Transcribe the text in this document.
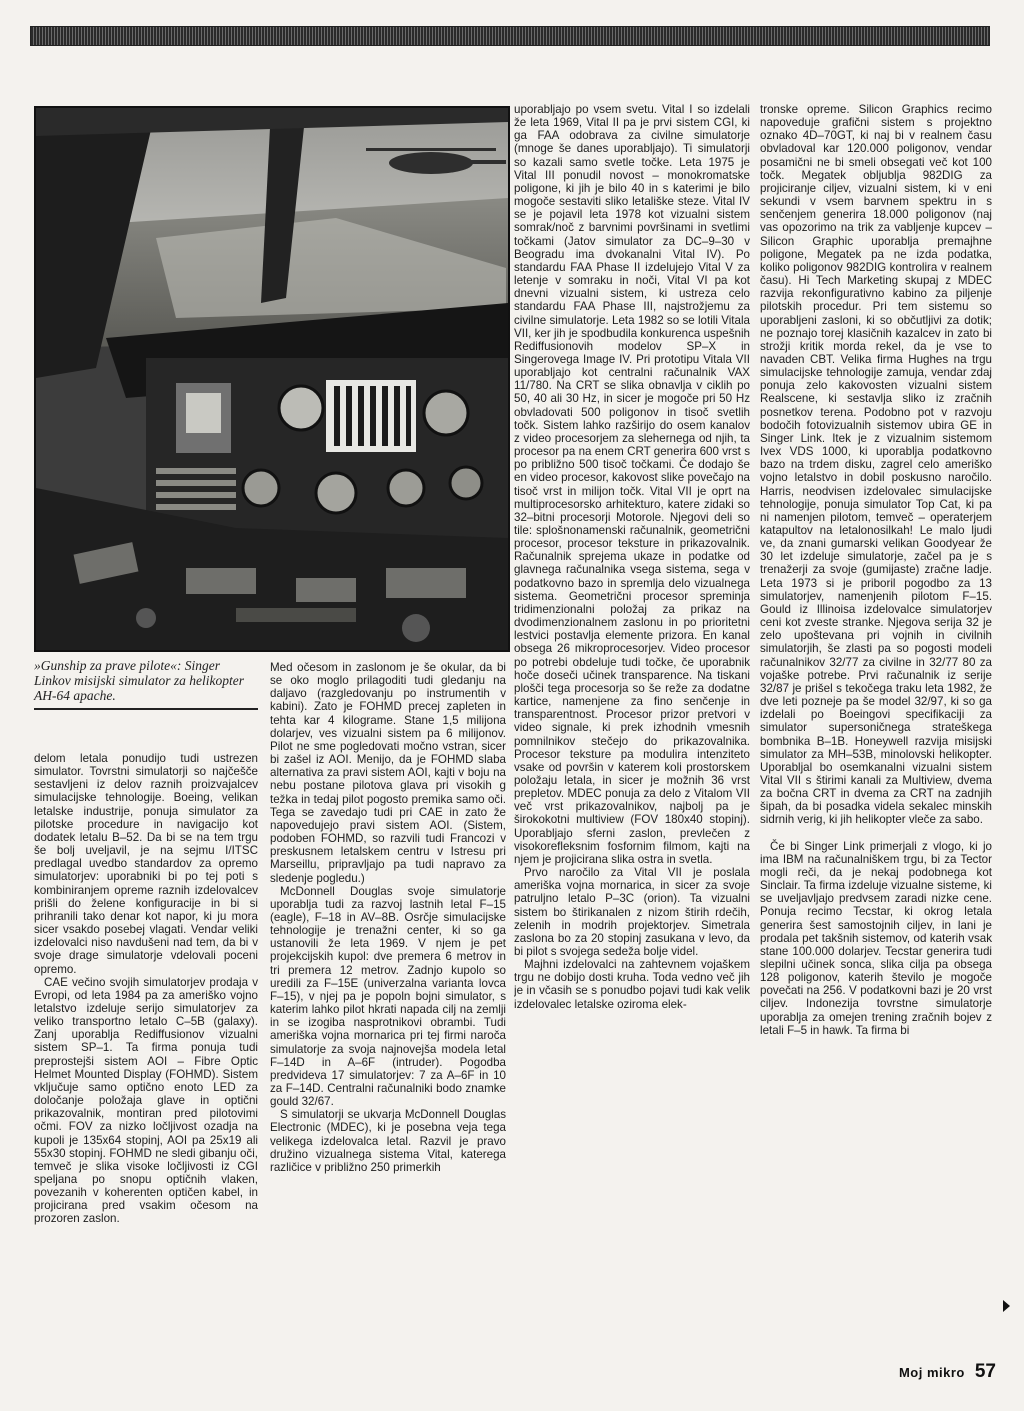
»Gunship za prave pilote«: Singer Linkov misijski simulator za helikopter AH-64 apache.

delom letala ponudijo tudi ustrezen simulator. Tovrstni simulatorji so najčešče sestavljeni iz delov raznih proizvajalcev simulacijske tehnologije. Boeing, velikan letalske industrije, ponuja simulator za pilotske procedure in navigacijo kot dodatek letalu B–52. Da bi se na tem trgu še bolj uveljavil, je na sejmu I/ITSC predlagal uvedbo standardov za opremo simulatorjev: uporabniki bi po tej poti s kombiniranjem opreme raznih izdelovalcev prišli do želene konfiguracije in bi si prihranili tako denar kot napor, ki ju mora sicer vsakdo posebej vlagati. Vendar veliki izdelovalci niso navdušeni nad tem, da bi v svoje drage simulatorje vdelovali poceni opremo.

CAE večino svojih simulatorjev prodaja v Evropi, od leta 1984 pa za ameriško vojno letalstvo izdeluje serijo simulatorjev za veliko transportno letalo C–5B (galaxy). Zanj uporablja Rediffusionov vizualni sistem SP–1. Ta firma ponuja tudi preprostejši sistem AOI – Fibre Optic Helmet Mounted Display (FOHMD). Sistem vključuje samo optično enoto LED za določanje položaja glave in optični prikazovalnik, montiran pred pilotovimi očmi. FOV za nizko ločljivost ozadja na kupoli je 135x64 stopinj, AOI pa 25x19 ali 55x30 stopinj. FOHMD ne sledi gibanju oči, temveč je slika visoke ločljivosti iz CGI speljana po snopu optičnih vlaken, povezanih v koherenten optičen kabel, in projicirana pred vsakim očesom na prozoren zaslon.

Med očesom in zaslonom je še okular, da bi se oko moglo prilagoditi tudi gledanju na daljavo (razgledovanju po instrumentih v kabini). Zato je FOHMD precej zapleten in tehta kar 4 kilograme. Stane 1,5 milijona dolarjev, ves vizualni sistem pa 6 milijonov. Pilot ne sme pogledovati močno vstran, sicer bi zašel iz AOI. Menijo, da je FOHMD slaba alternativa za pravi sistem AOI, kajti v boju na nebu postane pilotova glava pri visokih g težka in tedaj pilot pogosto premika samo oči. Tega se zavedajo tudi pri CAE in zato že napovedujejo pravi sistem AOI. (Sistem, podoben FOHMD, so razvili tudi Francozi v preskusnem letalskem centru v Istresu pri Marseillu, pripravljajo pa tudi napravo za sledenje pogledu.)

McDonnell Douglas svoje simulatorje uporablja tudi za razvoj lastnih letal F–15 (eagle), F–18 in AV–8B. Osrčje simulacijske tehnologije je trenažni center, ki so ga ustanovili že leta 1969. V njem je pet projekcijskih kupol: dve premera 6 metrov in tri premera 12 metrov. Zadnjo kupolo so uredili za F–15E (univerzalna varianta lovca F–15), v njej pa je popoln bojni simulator, s katerim lahko pilot hkrati napada cilj na zemlji in se izogiba nasprotnikovi obrambi. Tudi ameriška vojna mornarica pri tej firmi naroča simulatorje za svoja najnovejša modela letal F–14D in A–6F (intruder). Pogodba predvideva 17 simulatorjev: 7 za A–6F in 10 za F–14D. Centralni računalniki bodo znamke gould 32/67.

S simulatorji se ukvarja McDonnell Douglas Electronic (MDEC), ki je posebna veja tega velikega izdelovalca letal. Razvil je pravo družino vizualnega sistema Vital, katerega različice v približno 250 primerkih

uporabljajo po vsem svetu. Vital I so izdelali že leta 1969, Vital II pa je prvi sistem CGI, ki ga FAA odobrava za civilne simulatorje (mnoge še danes uporabljajo). Ti simulatorji so kazali samo svetle točke. Leta 1975 je Vital III ponudil novost – monokromatske poligone, ki jih je bilo 40 in s katerimi je bilo mogoče sestaviti sliko letališke steze. Vital IV se je pojavil leta 1978 kot vizualni sistem somrak/noč z barvnimi površinami in svetlimi točkami (Jatov simulator za DC–9–30 v Beogradu ima dvokanalni Vital IV). Po standardu FAA Phase II izdelujejo Vital V za letenje v somraku in noči, Vital VI pa kot dnevni vizualni sistem, ki ustreza celo standardu FAA Phase III, najstrožjemu za civilne simulatorje. Leta 1982 so se lotili Vitala VII, ker jih je spodbudila konkurenca uspešnih Rediffusionovih modelov SP–X in Singerovega Image IV. Pri prototipu Vitala VII uporabljajo kot centralni računalnik VAX 11/780. Na CRT se slika obnavlja v ciklih po 50, 40 ali 30 Hz, in sicer je mogoče pri 50 Hz obvladovati 500 poligonov in tisoč svetlih točk. Sistem lahko razširijo do osem kanalov z video procesorjem za slehernega od njih, ta procesor pa na enem CRT generira 600 vrst s po približno 500 tisoč točkami. Če dodajo še en video procesor, kakovost slike povečajo na tisoč vrst in milijon točk. Vital VII je oprt na multiprocesorsko arhitekturo, katere zidaki so 32–bitni procesorji Motorole. Njegovi deli so tile: splošnonamenski računalnik, geometrični procesor, procesor teksture in prikazovalnik. Računalnik sprejema ukaze in podatke od glavnega računalnika vsega sistema, sega v podatkovno bazo in spremlja delo vizualnega sistema. Geometrični procesor spreminja tridimenzionalni položaj za prikaz na dvodimenzionalnem zaslonu in po prioritetni lestvici postavlja elemente prizora. En kanal obsega 26 mikroprocesorjev. Video procesor po potrebi obdeluje tudi točke, če uporabnik hoče doseči učinek transparence. Na tiskani plošči tega procesorja so še reže za dodatne kartice, namenjene za fino senčenje in transparentnost. Procesor prizor pretvori v video signale, ki prek izhodnih vmesnih pomnilnikov stečejo do prikazovalnika. Procesor teksture pa modulira intenziteto vsake od površin v katerem koli prostorskem položaju letala, in sicer je možnih 36 vrst prepletov. MDEC ponuja za delo z Vitalom VII več vrst prikazovalnikov, najbolj pa je širokokotni multiview (FOV 180x40 stopinj). Uporabljajo sferni zaslon, prevlečen z visokorefleksnim fosfornim filmom, kajti na njem je projicirana slika ostra in svetla.

Prvo naročilo za Vital VII je poslala ameriška vojna mornarica, in sicer za svoje patruljno letalo P–3C (orion). Ta vizualni sistem bo štirikanalen z nizom štirih rdečih, zelenih in modrih projektorjev. Simetrala zaslona bo za 20 stopinj zasukana v levo, da bi pilot s svojega sedeža bolje videl.

Majhni izdelovalci na zahtevnem vojaškem trgu ne dobijo dosti kruha. Toda vedno več jih je in včasih se s ponudbo pojavi tudi kak velik izdelovalec letalske oziroma elek-

tronske opreme. Silicon Graphics recimo napoveduje grafični sistem s projektno oznako 4D–70GT, ki naj bi v realnem času obvladoval kar 120.000 poligonov, vendar posamični ne bi smeli obsegati več kot 100 točk. Megatek obljublja 982DIG za projiciranje ciljev, vizualni sistem, ki v eni sekundi v vsem barvnem spektru in s senčenjem generira 18.000 poligonov (naj vas opozorimo na trik za vabljenje kupcev – Silicon Graphic uporablja premajhne poligone, Megatek pa ne izda podatka, koliko poligonov 982DIG kontrolira v realnem času). Hi Tech Marketing skupaj z MDEC razvija rekonfigurativno kabino za piljenje pilotskih procedur. Pri tem sistemu so uporabljeni zasloni, ki so občutljivi za dotik; ne poznajo torej klasičnih kazalcev in zato bi strožji kritik morda rekel, da je vse to navaden CBT. Velika firma Hughes na trgu simulacijske tehnologije zamuja, vendar zdaj ponuja zelo kakovosten vizualni sistem Realscene, ki sestavlja sliko iz zračnih posnetkov terena. Podobno pot v razvoju bodočih fotovizualnih sistemov ubira GE in Singer Link. Itek je z vizualnim sistemom Ivex VDS 1000, ki uporablja podatkovno bazo na trdem disku, zagrel celo ameriško vojno letalstvo in dobil poskusno naročilo. Harris, neodvisen izdelovalec simulacijske tehnologije, ponuja simulator Top Cat, ki pa ni namenjen pilotom, temveč – operaterjem katapultov na letalonosilkah! Le malo ljudi ve, da znani gumarski velikan Goodyear že 30 let izdeluje simulatorje, začel pa je s trenažerji za svoje (gumijaste) zračne ladje. Leta 1973 si je priboril pogodbo za 13 simulatorjev, namenjenih pilotom F–15. Gould iz Illinoisa izdelovalce simulatorjev ceni kot zveste stranke. Njegova serija 32 je zelo upoštevana pri vojnih in civilnih simulatorjih, še zlasti pa so pogosti modeli računalnikov 32/77 za civilne in 32/77 80 za vojaške potrebe. Prvi računalnik iz serije 32/87 je prišel s tekočega traku leta 1982, že dve leti pozneje pa še model 32/97, ki so ga izdelali po Boeingovi specifikaciji za simulator supersoničnega strateškega bombnika B–1B. Honeywell razvija misijski simulator za MH–53B, minolovski helikopter. Uporabljal bo osemkanalni vizualni sistem Vital VII s štirimi kanali za Multiview, dvema za bočna CRT in dvema za CRT na zadnjih šipah, da bi posadka videla sekalec minskih sidrnih verig, ki jih helikopter vleče za sabo.

Če bi Singer Link primerjali z vlogo, ki jo ima IBM na računalniškem trgu, bi za Tector mogli reči, da je nekaj podobnega kot Sinclair. Ta firma izdeluje vizualne sisteme, ki se uveljavljajo predvsem zaradi nizke cene. Ponuja recimo Tecstar, ki okrog letala generira šest samostojnih ciljev, in lani je prodala pet takšnih sistemov, od katerih vsak stane 100.000 dolarjev. Tecstar generira tudi slepilni učinek sonca, slika cilja pa obsega 128 poligonov, katerih število je mogoče povečati na 256. V podatkovni bazi je 20 vrst ciljev. Indonezija tovrstne simulatorje uporablja za omejen trening zračnih bojev z letali F–5 in hawk. Ta firma bi

Moj mikro 57
